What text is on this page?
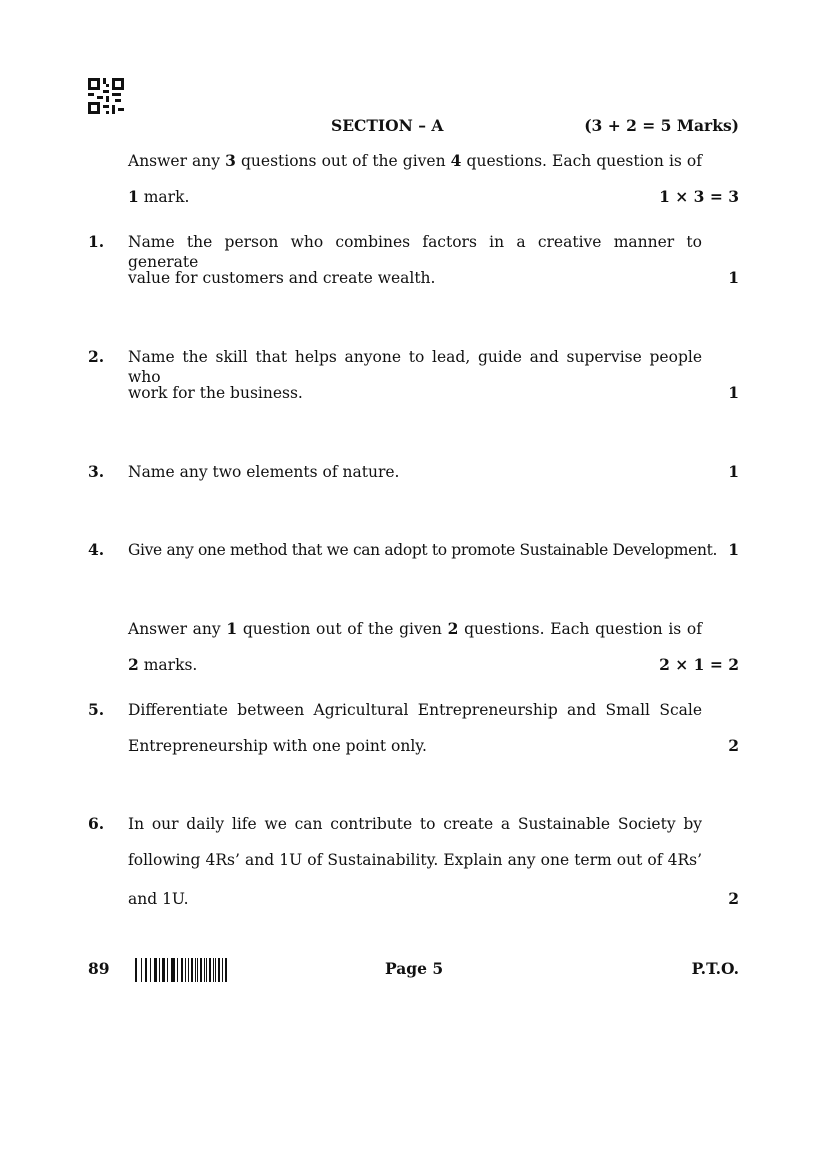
SECTION – A	(3 + 2 = 5 Marks)
Answer any 3 questions out of the given 4 questions. Each question is of
1 mark.	1 × 3 = 3
1. Name the person who combines factors in a creative manner to generate
value for customers and create wealth.	1
2. Name the skill that helps anyone to lead, guide and supervise people who
work for the business.	1
3. Name any two elements of nature.	1
4. Give any one method that we can adopt to promote Sustainable Development. 1
Answer any 1 question out of the given 2 questions. Each question is of
2 marks.	2 × 1 = 2
5. Differentiate between Agricultural Entrepreneurship and Small Scale
Entrepreneurship with one point only.	2
6. In our daily life we can contribute to create a Sustainable Society by
following 4Rs’ and 1U of Sustainability. Explain any one term out of 4Rs’
and 1U.	2
89	Page 5	P.T.O.
